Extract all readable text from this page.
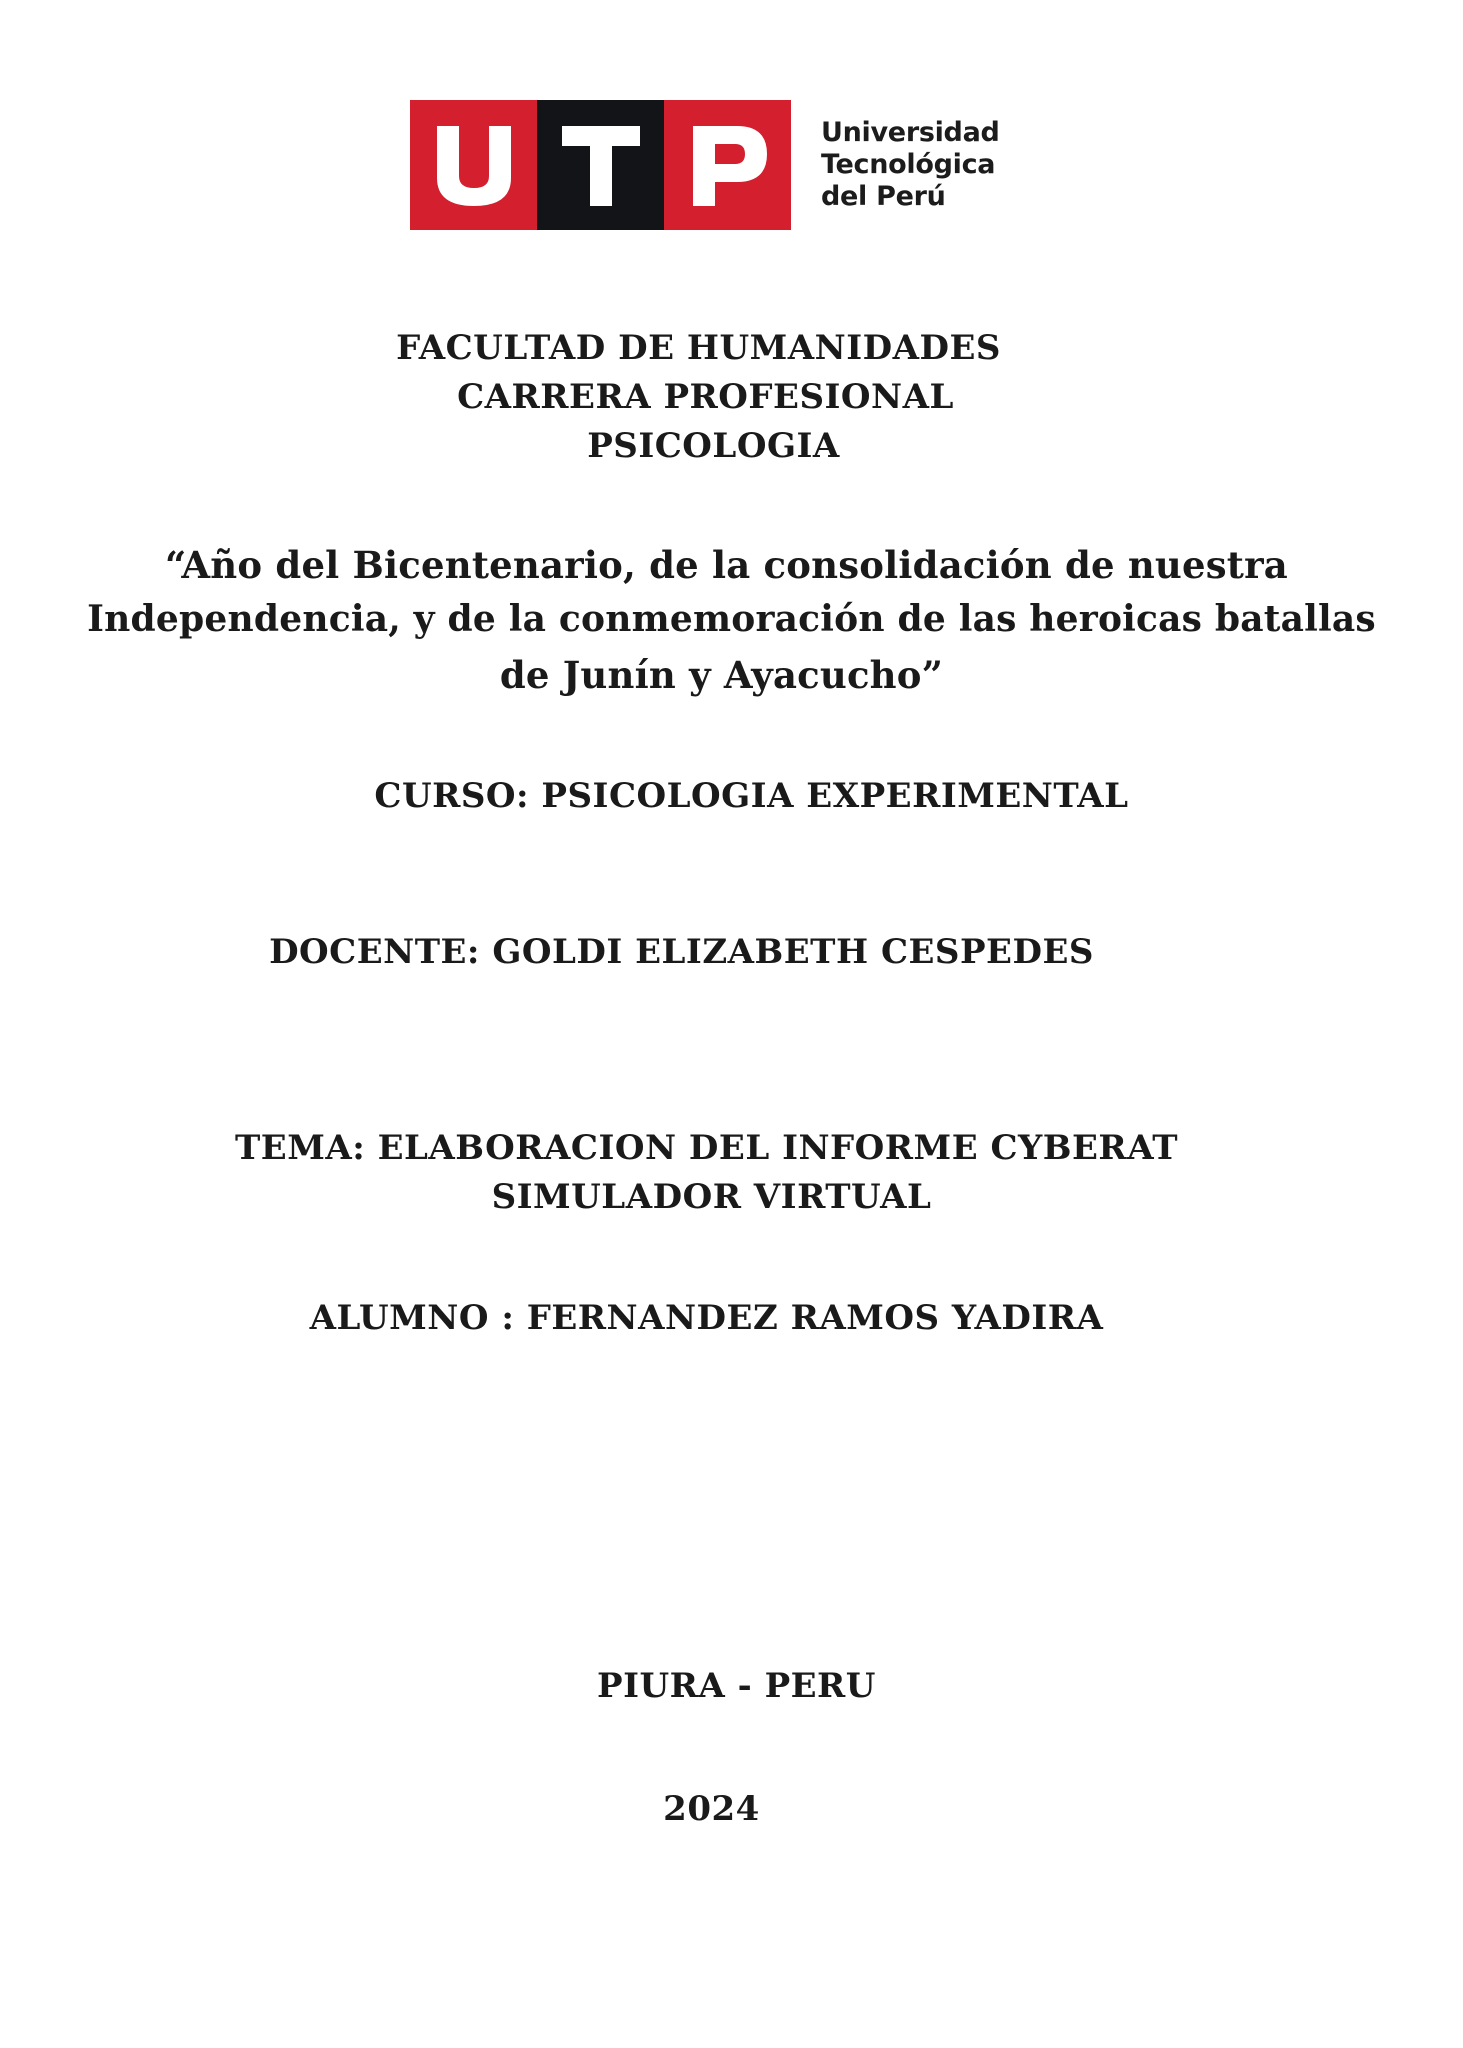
Universidad
Tecnológica
del Perú
FACULTAD DE HUMANIDADES
CARRERA PROFESIONAL
PSICOLOGIA
“Año del Bicentenario, de la consolidación de nuestra
Independencia, y de la conmemoración de las heroicas batallas
de Junín y Ayacucho”
CURSO: PSICOLOGIA EXPERIMENTAL
DOCENTE: GOLDI ELIZABETH CESPEDES
TEMA: ELABORACION DEL INFORME CYBERAT
SIMULADOR VIRTUAL
ALUMNO : FERNANDEZ RAMOS YADIRA
PIURA - PERU
2024
